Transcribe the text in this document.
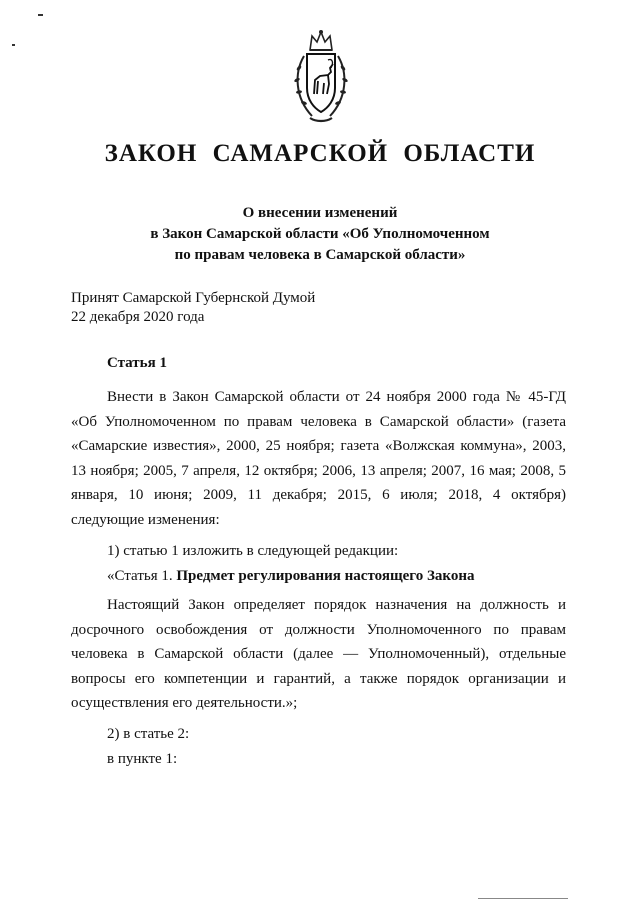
ЗАКОН САМАРСКОЙ ОБЛАСТИ
О внесении изменений
в Закон Самарской области «Об Уполномоченном
по правам человека в Самарской области»
Принят Самарской Губернской Думой
22 декабря 2020 года
Статья 1
Внести в Закон Самарской области от 24 ноября 2000 года № 45-ГД «Об Уполномоченном по правам человека в Самарской области» (газета «Самарские известия», 2000, 25 ноября; газета «Волжская коммуна», 2003, 13 ноября; 2005, 7 апреля, 12 октября; 2006, 13 апреля; 2007, 16 мая; 2008, 5 января, 10 июня; 2009, 11 декабря; 2015, 6 июля; 2018, 4 октября) следующие изменения:
1) статью 1 изложить в следующей редакции:
«Статья 1. Предмет регулирования настоящего Закона
Настоящий Закон определяет порядок назначения на должность и досрочного освобождения от должности Уполномоченного по правам человека в Самарской области (далее — Уполномоченный), отдельные вопросы его компетенции и гарантий, а также порядок организации и осуществления его деятельности.»;
2) в статье 2:
в пункте 1:
